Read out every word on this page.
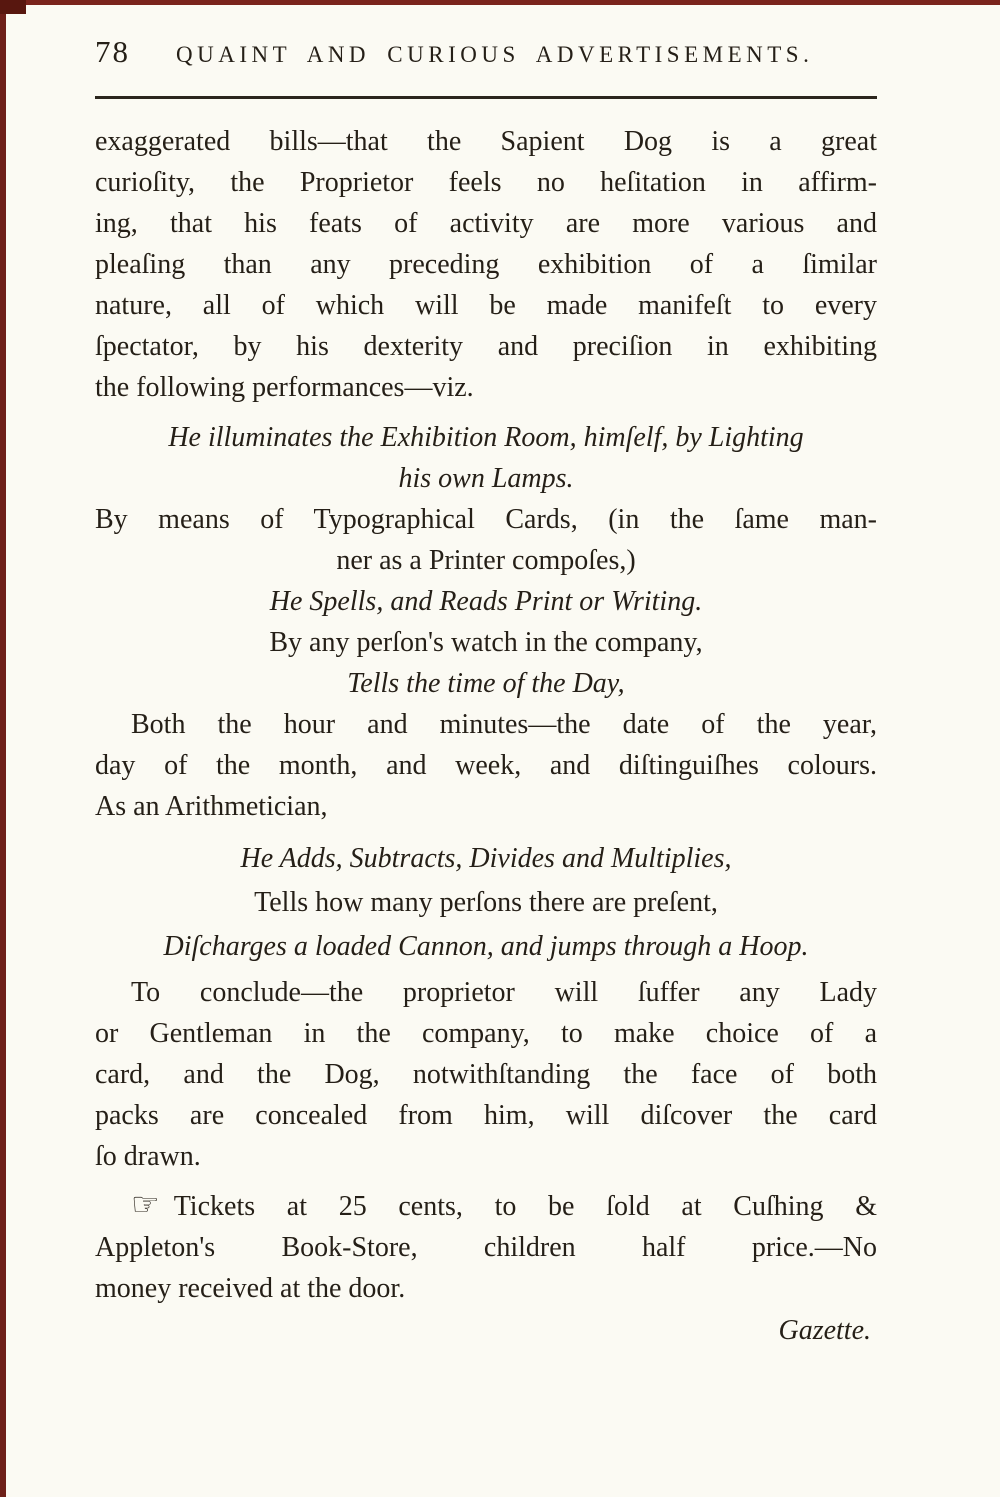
78 QUAINT AND CURIOUS ADVERTISEMENTS.
exaggerated bills—that the Sapient Dog is a great
curioſity, the Proprietor feels no heſitation in affirm-
ing, that his feats of activity are more various and
pleaſing than any preceding exhibition of a ſimilar
nature, all of which will be made manifeſt to every
ſpectator, by his dexterity and preciſion in exhibiting
the following performances—viz.
He illuminates the Exhibition Room, himſelf, by Lighting
his own Lamps.
By means of Typographical Cards, (in the ſame man-
ner as a Printer compoſes,)
He Spells, and Reads Print or Writing.
By any perſon's watch in the company,
Tells the time of the Day,
Both the hour and minutes—the date of the year,
day of the month, and week, and diſtinguiſhes colours.
As an Arithmetician,
He Adds, Subtracts, Divides and Multiplies,
Tells how many perſons there are preſent,
Diſcharges a loaded Cannon, and jumps through a Hoop.
To conclude—the proprietor will ſuffer any Lady
or Gentleman in the company, to make choice of a
card, and the Dog, notwithſtanding the face of both
packs are concealed from him, will diſcover the card
ſo drawn.
☞ Tickets at 25 cents, to be ſold at Cuſhing &
Appleton's Book-Store, children half price.—No
money received at the door.
Gazette.
